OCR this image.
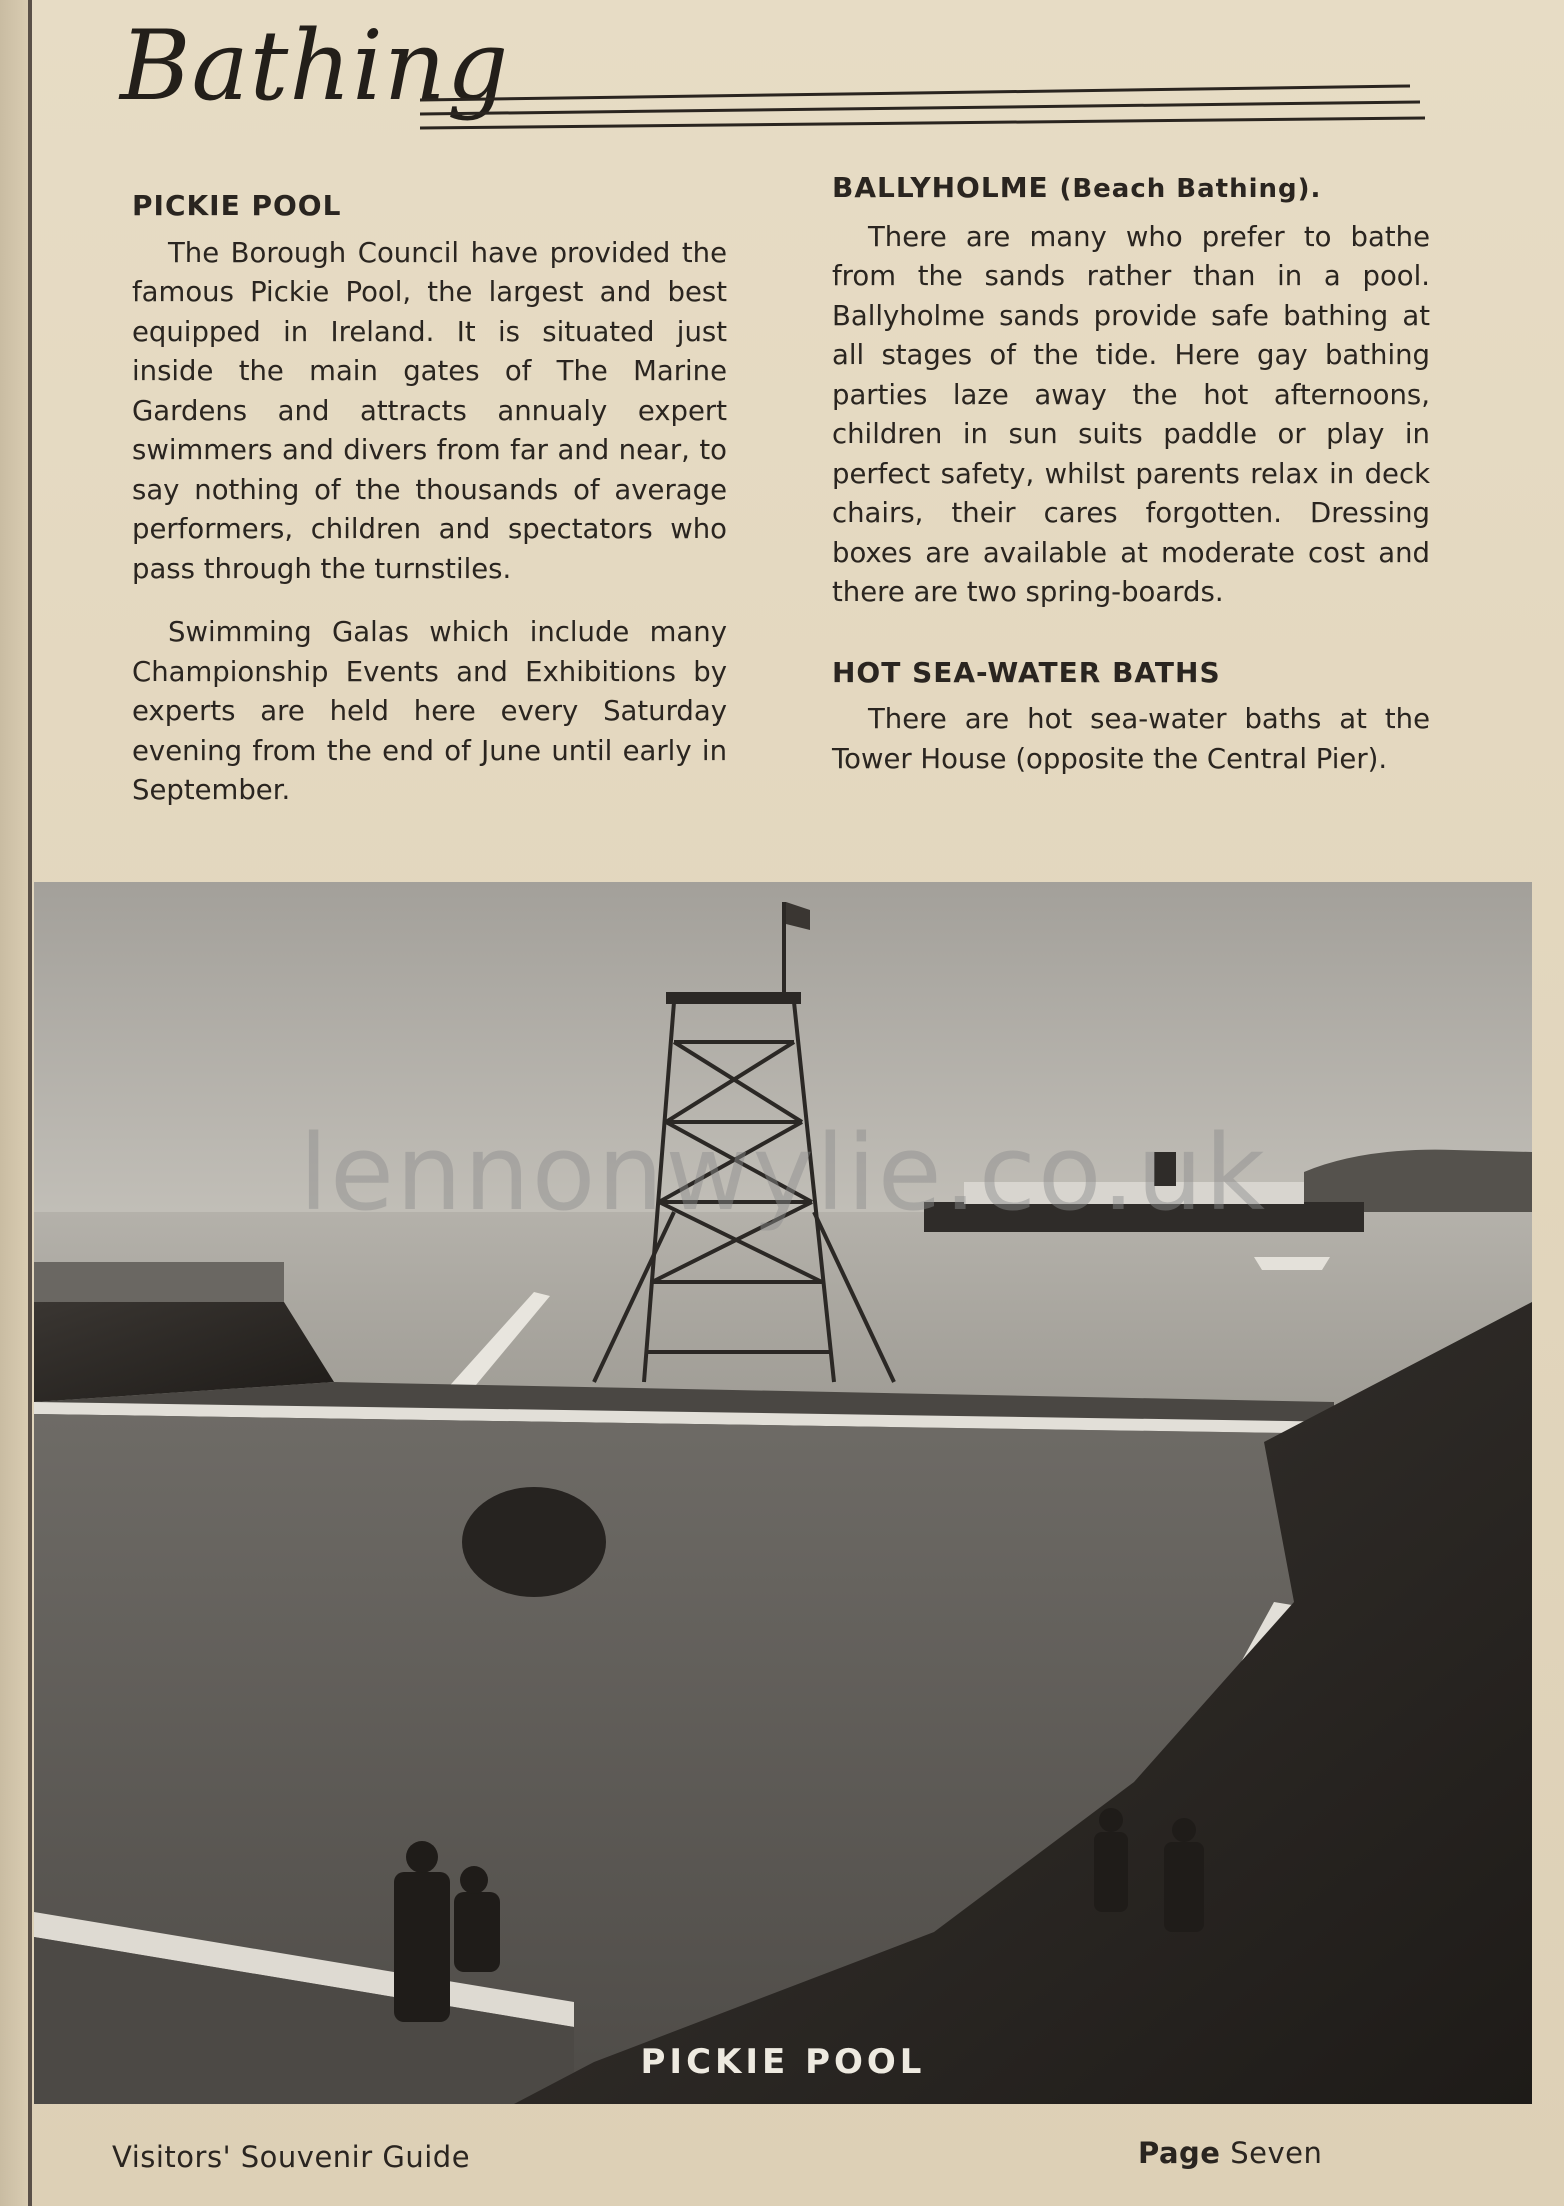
Bathing
PICKIE POOL

The Borough Council have provided the famous Pickie Pool, the largest and best equipped in Ireland. It is situated just inside the main gates of The Marine Gardens and attracts annualy expert swimmers and divers from far and near, to say nothing of the thousands of average performers, children and spectators who pass through the turnstiles.

Swimming Galas which include many Championship Events and Exhibitions by experts are held here every Saturday evening from the end of June until early in September.

BALLYHOLME (Beach Bathing).

There are many who prefer to bathe from the sands rather than in a pool. Ballyholme sands provide safe bathing at all stages of the tide. Here gay bathing parties laze away the hot afternoons, children in sun suits paddle or play in perfect safety, whilst parents relax in deck chairs, their cares forgotten. Dressing boxes are available at moderate cost and there are two spring-boards.

HOT SEA-WATER BATHS

There are hot sea-water baths at the Tower House (opposite the Central Pier).

lennonwylie.co.uk
PICKIE POOL
Visitors' Souvenir Guide	Page Seven
